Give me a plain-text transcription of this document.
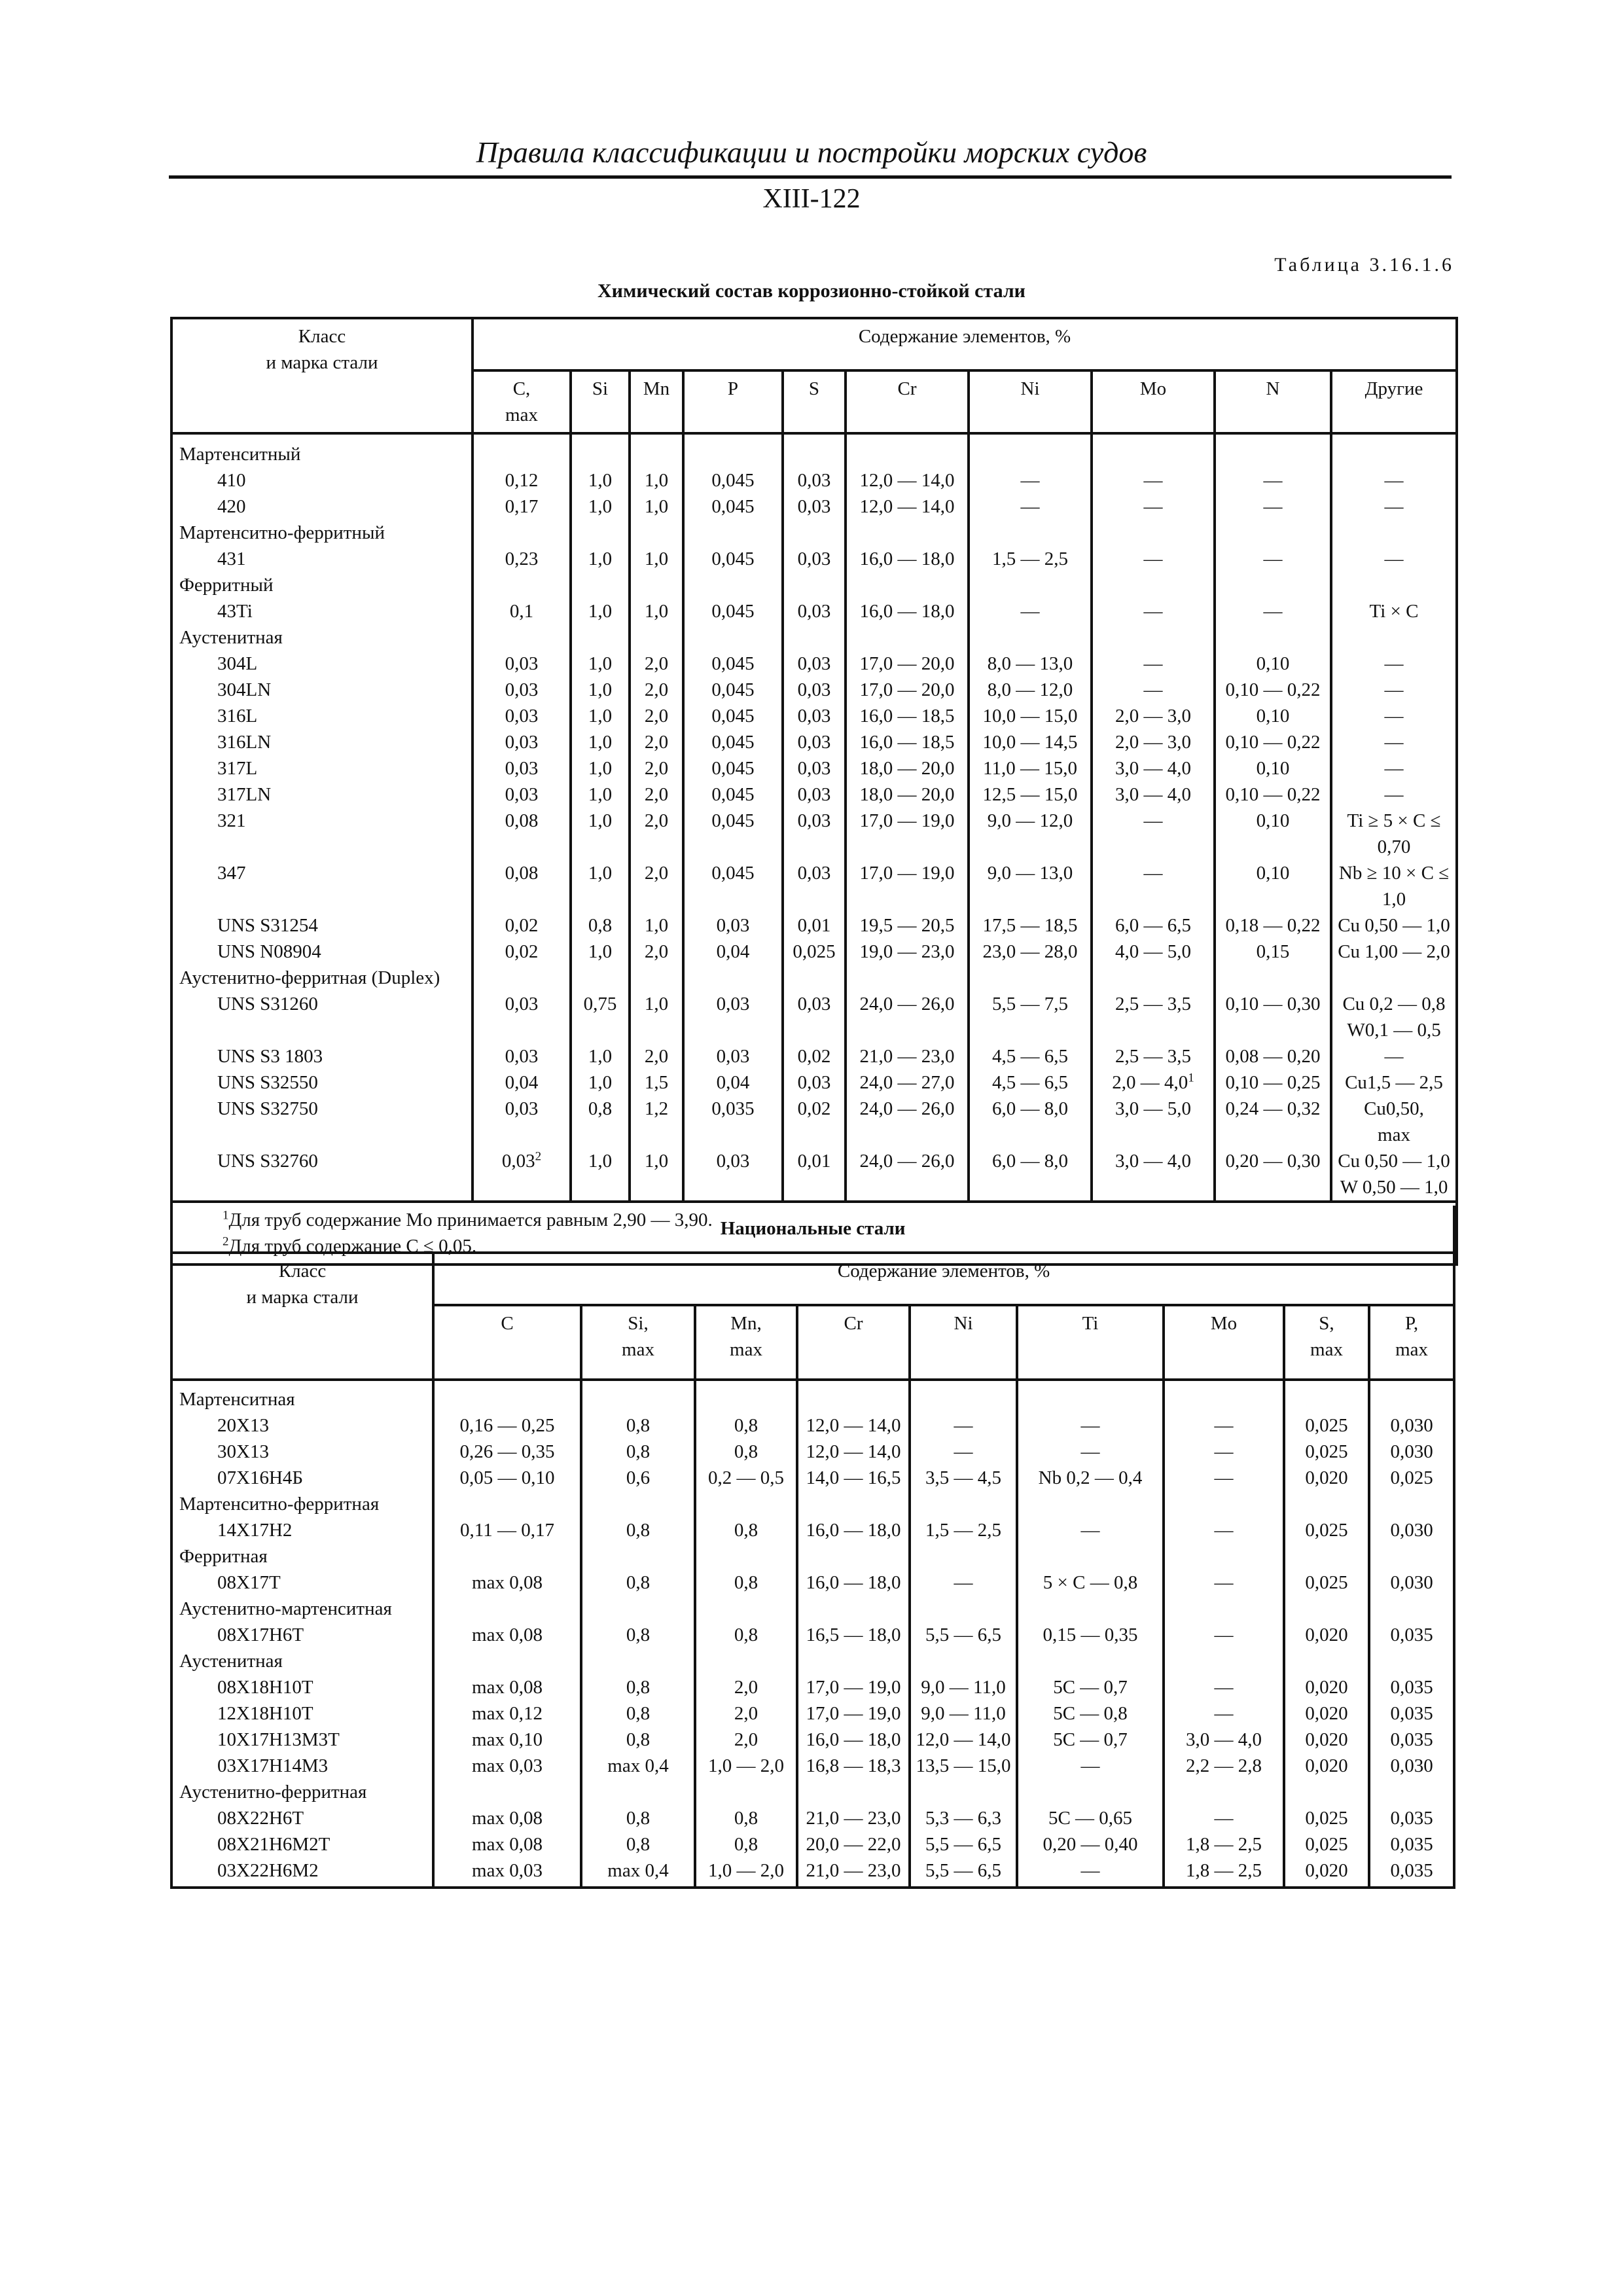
Правила классификации и постройки морских судов
XIII-122
Таблица 3.16.1.6
Химический состав коррозионно-стойкой стали
Класс
и марка стали	Содержание элементов, %									
	C,
max	Si	Mn	P	S	Cr	Ni	Mo	N	Другие
Мартенситный										
410	0,12	1,0	1,0	0,045	0,03	12,0 — 14,0	—	—	—	—
420	0,17	1,0	1,0	0,045	0,03	12,0 — 14,0	—	—	—	—
Мартенситно-ферритный										
431	0,23	1,0	1,0	0,045	0,03	16,0 — 18,0	1,5 — 2,5	—	—	—
Ферритный										
43Ti	0,1	1,0	1,0	0,045	0,03	16,0 — 18,0	—	—	—	Ti × C
Аустенитная										
304L	0,03	1,0	2,0	0,045	0,03	17,0 — 20,0	8,0 — 13,0	—	0,10	—
304LN	0,03	1,0	2,0	0,045	0,03	17,0 — 20,0	8,0 — 12,0	—	0,10 — 0,22	—
316L	0,03	1,0	2,0	0,045	0,03	16,0 — 18,5	10,0 — 15,0	2,0 — 3,0	0,10	—
316LN	0,03	1,0	2,0	0,045	0,03	16,0 — 18,5	10,0 — 14,5	2,0 — 3,0	0,10 — 0,22	—
317L	0,03	1,0	2,0	0,045	0,03	18,0 — 20,0	11,0 — 15,0	3,0 — 4,0	0,10	—
317LN	0,03	1,0	2,0	0,045	0,03	18,0 — 20,0	12,5 — 15,0	3,0 — 4,0	0,10 — 0,22	—
321	0,08	1,0	2,0	0,045	0,03	17,0 — 19,0	9,0 — 12,0	—	0,10	Ti ≥ 5 × C ≤ 0,70
347	0,08	1,0	2,0	0,045	0,03	17,0 — 19,0	9,0 — 13,0	—	0,10	Nb ≥ 10 × C ≤ 1,0
UNS S31254	0,02	0,8	1,0	0,03	0,01	19,5 — 20,5	17,5 — 18,5	6,0 — 6,5	0,18 — 0,22	Cu 0,50 — 1,0
UNS N08904	0,02	1,0	2,0	0,04	0,025	19,0 — 23,0	23,0 — 28,0	4,0 — 5,0	0,15	Cu 1,00 — 2,0
Аустенитно-ферритная (Duplex)										
UNS S31260	0,03	0,75	1,0	0,03	0,03	24,0 — 26,0	5,5 — 7,5	2,5 — 3,5	0,10 — 0,30	Cu 0,2 — 0,8
W0,1 — 0,5
UNS S3 1803	0,03	1,0	2,0	0,03	0,02	21,0 — 23,0	4,5 — 6,5	2,5 — 3,5	0,08 — 0,20	—
UNS S32550	0,04	1,0	1,5	0,04	0,03	24,0 — 27,0	4,5 — 6,5	2,0 — $4,0^1$	0,10 — 0,25	Cu1,5 — 2,5
UNS S32750	0,03	0,8	1,2	0,035	0,02	24,0 — 26,0	6,0 — 8,0	3,0 — 5,0	0,24 — 0,32	Cu0,50,
max
UNS S32760	0,03$^2$	1,0	1,0	0,03	0,01	24,0 — 26,0	6,0 — 8,0	3,0 — 4,0	0,20 — 0,30	Cu 0,50 — 1,0
W 0,50 — 1,0

$^1$Для труб содержание Mo принимается равным 2,90 — 3,90.
$^2$Для труб содержание C ≤ 0,05.										
Национальные стали									
Класс
и марка стали	Содержание элементов, %								
	C	Si,
max	Mn,
max	Cr	Ni	Ti	Mo	S,
max	P,
max
Мартенситная									
20Х13	0,16 — 0,25	0,8	0,8	12,0 — 14,0	—	—	—	0,025	0,030
30Х13	0,26 — 0,35	0,8	0,8	12,0 — 14,0	—	—	—	0,025	0,030
07Х16Н4Б	0,05 — 0,10	0,6	0,2 — 0,5	14,0 — 16,5	3,5 — 4,5	Nb 0,2 — 0,4	—	0,020	0,025
Мартенситно-ферритная									
14Х17Н2	0,11 — 0,17	0,8	0,8	16,0 — 18,0	1,5 — 2,5	—	—	0,025	0,030
Ферритная									
08Х17Т	max 0,08	0,8	0,8	16,0 — 18,0	—	5 × C — 0,8	—	0,025	0,030
Аустенитно-мартенситная									
08Х17Н6Т	max 0,08	0,8	0,8	16,5 — 18,0	5,5 — 6,5	0,15 — 0,35	—	0,020	0,035
Аустенитная									
08Х18Н10Т	max 0,08	0,8	2,0	17,0 — 19,0	9,0 — 11,0	5C — 0,7	—	0,020	0,035
12Х18Н10Т	max 0,12	0,8	2,0	17,0 — 19,0	9,0 — 11,0	5C — 0,8	—	0,020	0,035
10Х17Н13М3Т	max 0,10	0,8	2,0	16,0 — 18,0	12,0 — 14,0	5C — 0,7	3,0 — 4,0	0,020	0,035
03Х17Н14М3	max 0,03	max 0,4	1,0 — 2,0	16,8 — 18,3	13,5 — 15,0	—	2,2 — 2,8	0,020	0,030
Аустенитно-ферритная									
08Х22Н6Т	max 0,08	0,8	0,8	21,0 — 23,0	5,3 — 6,3	5C — 0,65	—	0,025	0,035
08Х21Н6М2Т	max 0,08	0,8	0,8	20,0 — 22,0	5,5 — 6,5	0,20 — 0,40	1,8 — 2,5	0,025	0,035
03Х22Н6М2	max 0,03	max 0,4	1,0 — 2,0	21,0 — 23,0	5,5 — 6,5	—	1,8 — 2,5	0,020	0,035
